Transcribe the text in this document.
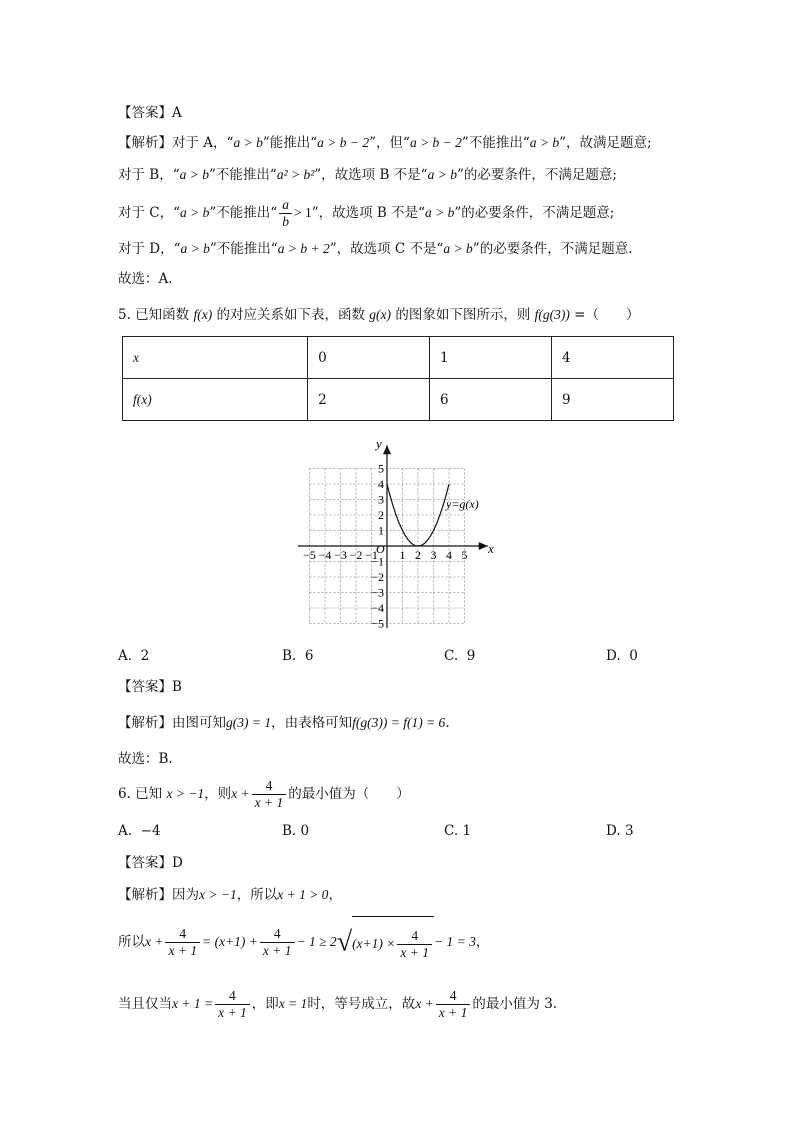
【答案】A
【解析】对于 A，“a > b”能推出“a > b − 2”，但“a > b − 2”不能推出“a > b”，故满足题意;
对于 B，“a > b”不能推出“a² > b²”，故选项 B 不是“a > b”的必要条件，不满足题意;
对于 C，“a > b”不能推出“ $\frac{a}{b} > 1$”，故选项 B 不是“a > b”的必要条件，不满足题意;
对于 D，“a > b”不能推出“a > b + 2”，故选项 C 不是“a > b”的必要条件，不满足题意.
故选：A.
5. 已知函数 f(x) 的对应关系如下表，函数 g(x) 的图象如下图所示，则 f(g(3)) =（　　）
x	0	1	4
f(x)	2	6	9
−5 −4 −3 −2 −1 1 2 3 4 5
5
4
3
2
1
−1
−2
−3
−4
−5
y=g(x)
x
y
O
A. 2	B. 6	C. 9	D. 0
【答案】B
【解析】由图可知g(3) = 1，由表格可知f(g(3)) = f(1) = 6.
故选：B.
6. 已知 x > −1，则$x + \frac{4}{x + 1}$ 的最小值为（　　）
A. −4	B. 0	C. 1	D. 3
【答案】D
【解析】因为x > −1，所以x + 1 > 0，
所以$x + \frac{4}{x + 1} = (x+1) + \frac{4}{x + 1} - 1 \ge 2√(x+1) \times \frac{4}{x + 1} - 1 = 3$，
当且仅当$x + 1 = \frac{4}{x + 1}$ ，即x = 1时，等号成立，故$x + \frac{4}{x + 1}$ 的最小值为 3.
